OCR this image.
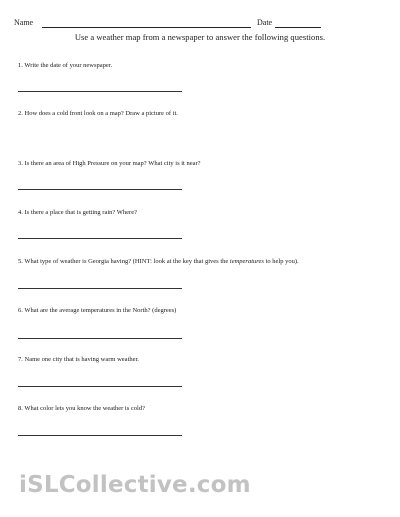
Name	Date
Use a weather map from a newspaper to answer the following questions.
1. Write the date of your newspaper.
2. How does a cold front look on a map? Draw a picture of it.
3. Is there an area of High Pressure on your map? What city is it near?
4. Is there a place that is getting rain? Where?
5. What type of weather is Georgia having? (HINT: look at the key that gives the temperatures to help you).
6. What are the average temperatures in the North? (degrees)
7. Name one city that is having warm weather.
8. What color lets you know the weather is cold?
iSLCollective.com
